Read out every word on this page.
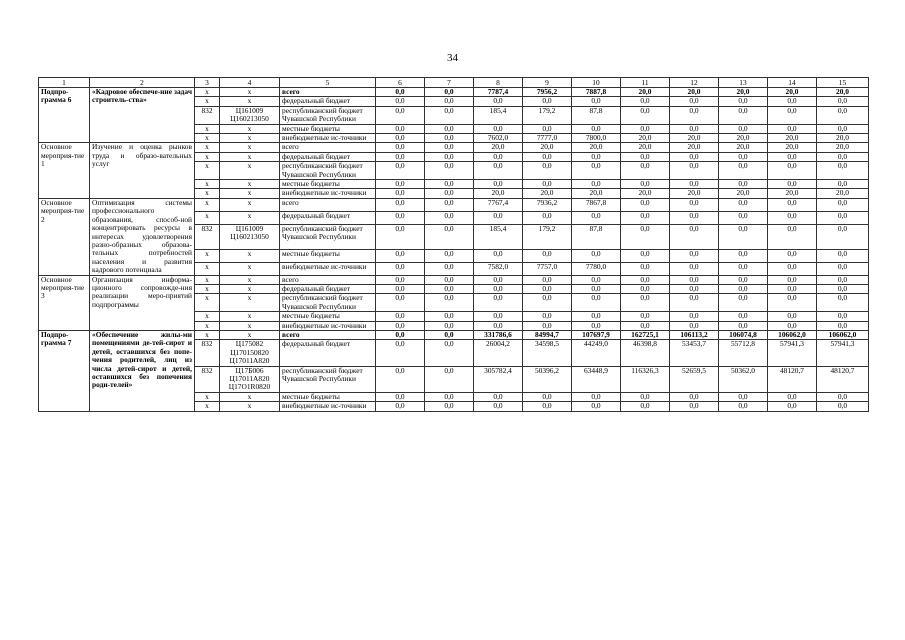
34
1	2	3	4	5	6	7	8	9	10	11	12	13	14	15
Подпро-грамма 6	«Кадровое обеспече-ние задач строитель-ства»	х	х	всего	0,0	0,0	7787,4	7956,2	7887,8	20,0	20,0	20,0	20,0	20,0
		х	х	федеральный бюджет	0,0	0,0	0,0	0,0	0,0	0,0	0,0	0,0	0,0	0,0
		832	Ц161009 Ц160213050	республиканский бюджет Чувашской Республики	0,0	0,0	185,4	179,2	87,8	0,0	0,0	0,0	0,0	0,0
		х	х	местные бюджеты	0,0	0,0	0,0	0,0	0,0	0,0	0,0	0,0	0,0	0,0
		х	х	внебюджетные ис-точники	0,0	0,0	7602,0	7777,0	7800,0	20,0	20,0	20,0	20,0	20,0
Основное мероприя-тие 1	Изучение и оценка рынков труда и образо-вательных услуг	х	х	всего	0,0	0,0	20,0	20,0	20,0	20,0	20,0	20,0	20,0	20,0
		х	х	федеральный бюджет	0,0	0,0	0,0	0,0	0,0	0,0	0,0	0,0	0,0	0,0
		х	х	республиканский бюджет Чувашской Республики	0,0	0,0	0,0	0,0	0,0	0,0	0,0	0,0	0,0	0,0
		х	х	местные бюджеты	0,0	0,0	0,0	0,0	0,0	0,0	0,0	0,0	0,0	0,0
		х	х	внебюджетные ис-точники	0,0	0,0	20,0	20,0	20,0	20,0	20,0	20,0	20,0	20,0
Основное мероприя-тие 2	Оптимизация системы профессионального образования, способ-ной концентрировать ресурсы в интересах удовлетворения разно-образных образова-тельных потребностей населения и развития кадрового потенциала	х	х	всего	0,0	0,0	7767,4	7936,2	7867,8	0,0	0,0	0,0	0,0	0,0
		х	х	федеральный бюджет	0,0	0,0	0,0	0,0	0,0	0,0	0,0	0,0	0,0	0,0
		832	Ц161009 Ц160213050	республиканский бюджет Чувашской Республики	0,0	0,0	185,4	179,2	87,8	0,0	0,0	0,0	0,0	0,0
		х	х	местные бюджеты	0,0	0,0	0,0	0,0	0,0	0,0	0,0	0,0	0,0	0,0
		х	х	внебюджетные ис-точники	0,0	0,0	7582,0	7757,0	7780,0	0,0	0,0	0,0	0,0	0,0
Основное мероприя-тие 3	Организация информа-ционного сопровожде-ния реализации меро-приятий подпрограммы	х	х	всего	0,0	0,0	0,0	0,0	0,0	0,0	0,0	0,0	0,0	0,0
		х	х	федеральный бюджет	0,0	0,0	0,0	0,0	0,0	0,0	0,0	0,0	0,0	0,0
		х	х	республиканский бюджет Чувашской Республики	0,0	0,0	0,0	0,0	0,0	0,0	0,0	0,0	0,0	0,0
		х	х	местные бюджеты	0,0	0,0	0,0	0,0	0,0	0,0	0,0	0,0	0,0	0,0
		х	х	внебюджетные ис-точники	0,0	0,0	0,0	0,0	0,0	0,0	0,0	0,0	0,0	0,0
Подпро-грамма 7	«Обеспечение жилы-ми помещениями де-тей-сирот и детей, оставшихся без попе-чения родителей, лиц из числа детей-сирот и детей, оставшихся без попечения роди-телей»	х	х	всего	0,0	0,0	331786,6	84994,7	107697,9	162725,1	106113,2	106074,8	106062,0	106062,0
		832	Ц175082 Ц170150820 Ц17011А820	федеральный бюджет	0,0	0,0	26004,2	34598,5	44249,0	46398,8	53453,7	55712,8	57941,3	57941,3
		832	Ц17Б006 Ц17011А820 Ц17О1R0820	республиканский бюджет Чувашской Республики	0,0	0,0	305782,4	50396,2	63448,9	116326,3	52659,5	50362,0	48120,7	48120,7
		х	х	местные бюджеты	0,0	0,0	0,0	0,0	0,0	0,0	0,0	0,0	0,0	0,0
		х	х	внебюджетные ис-точники	0,0	0,0	0,0	0,0	0,0	0,0	0,0	0,0	0,0	0,0
